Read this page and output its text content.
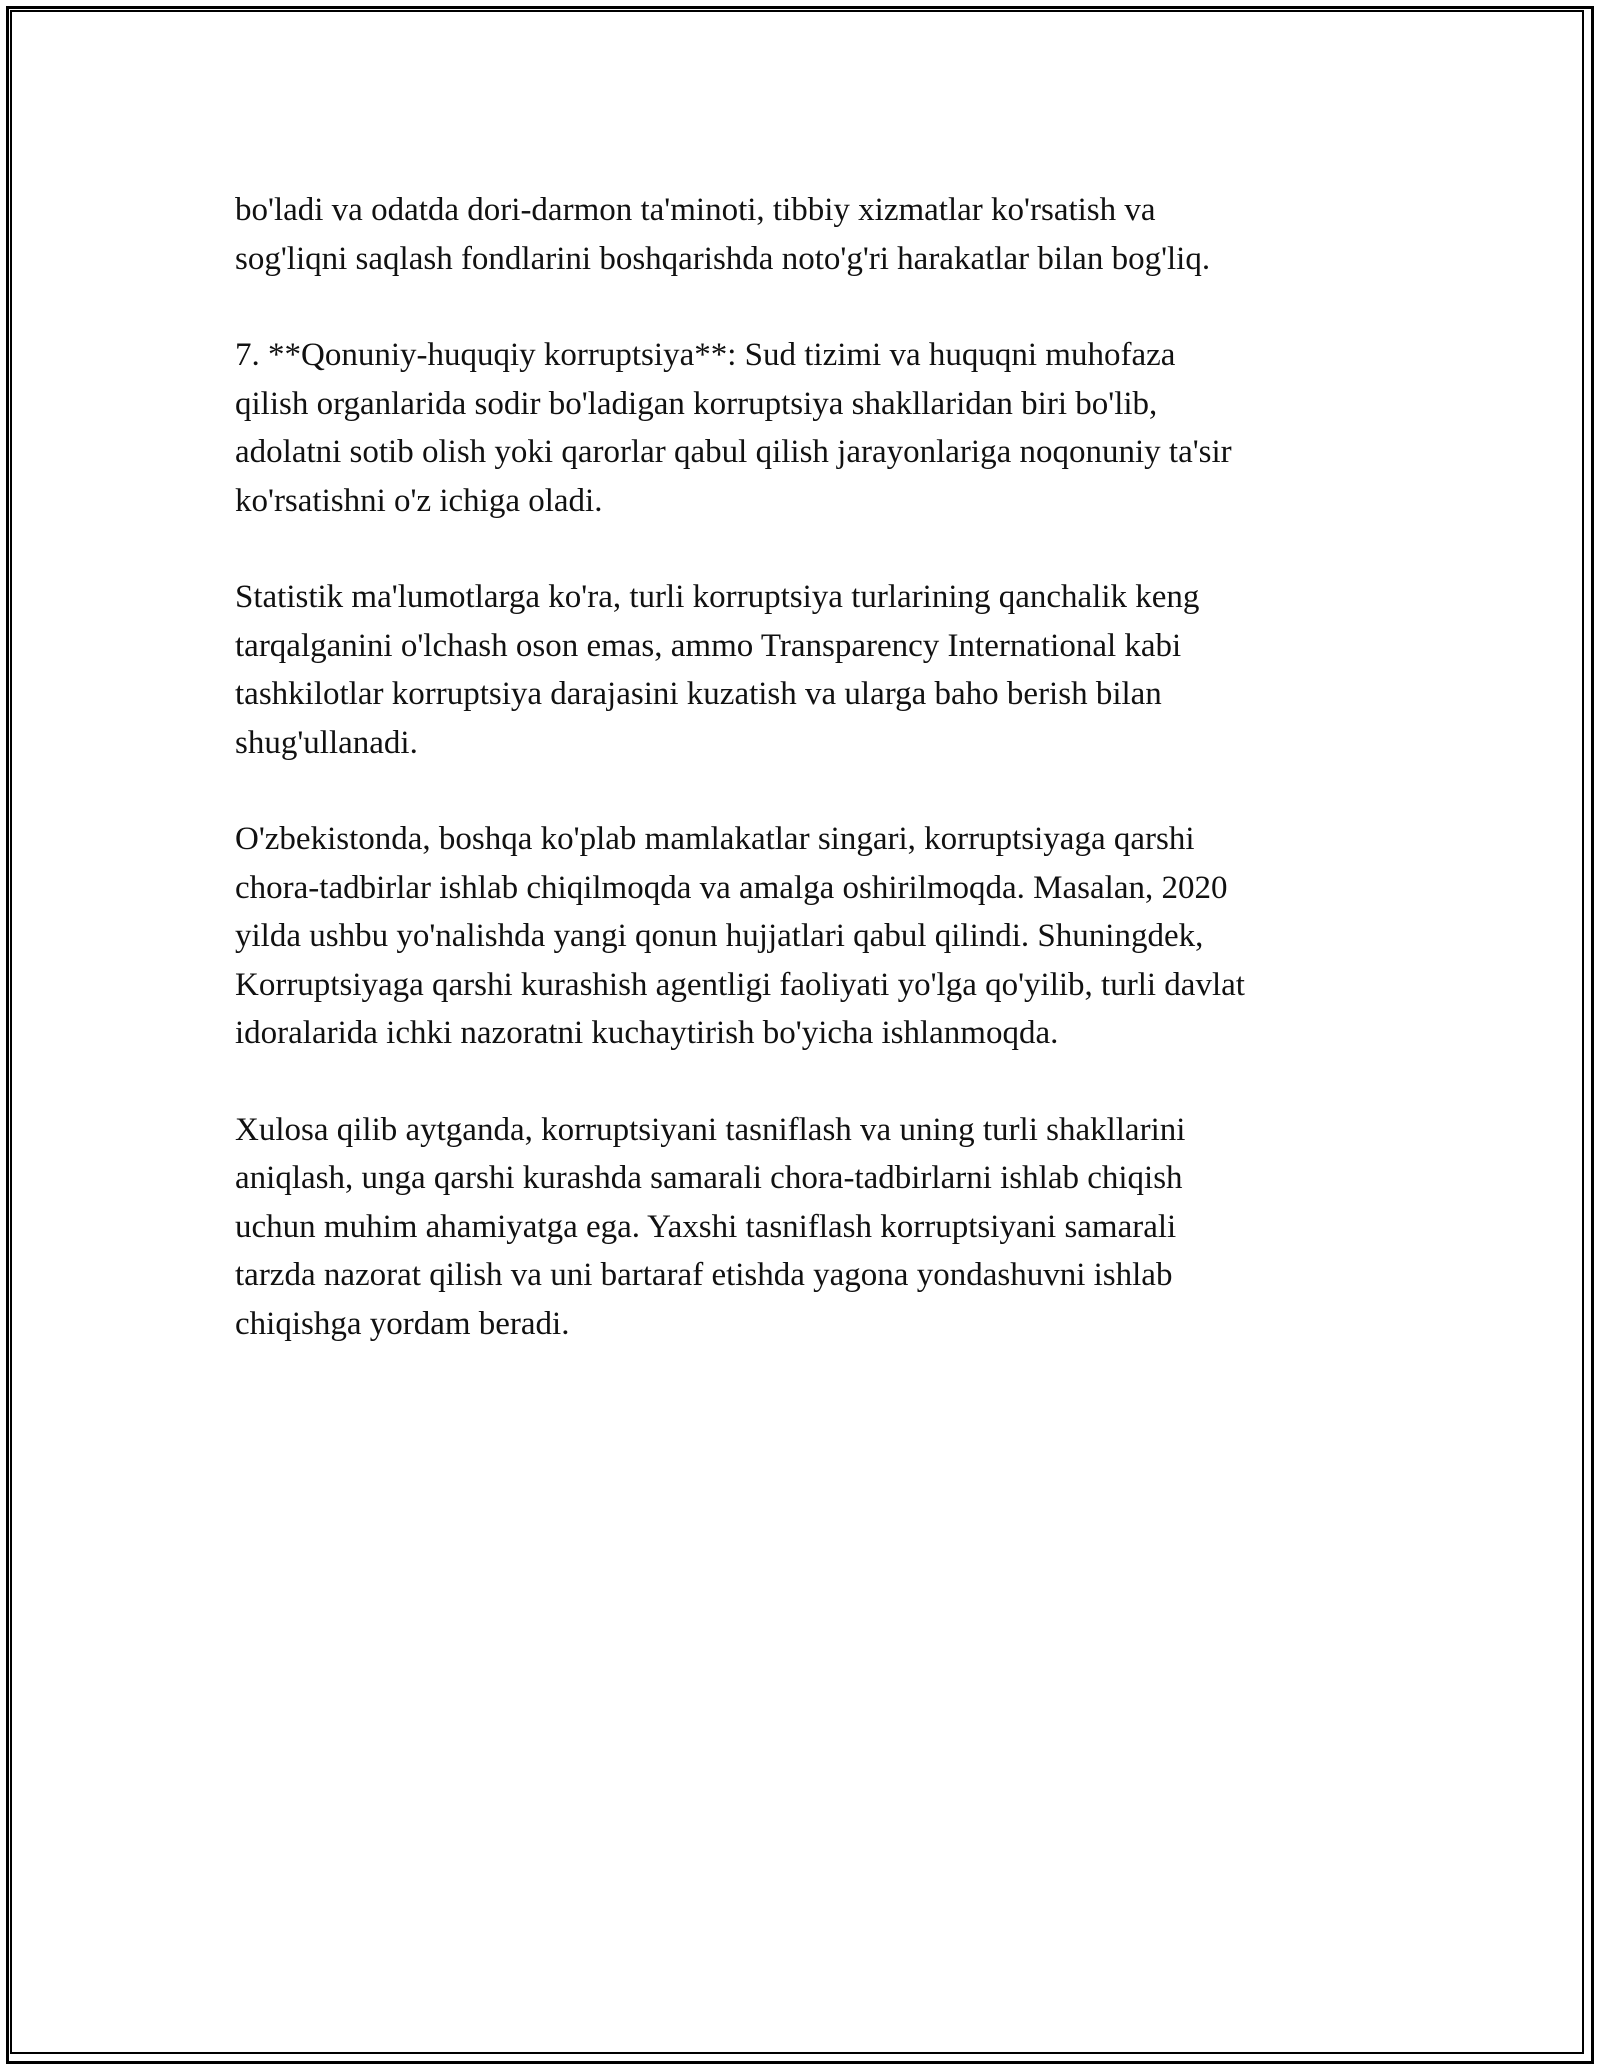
bo'ladi va odatda dori-darmon ta'minoti, tibbiy xizmatlar ko'rsatish va
sog'liqni saqlash fondlarini boshqarishda noto'g'ri harakatlar bilan bog'liq.

7. **Qonuniy-huquqiy korruptsiya**: Sud tizimi va huquqni muhofaza
qilish organlarida sodir bo'ladigan korruptsiya shakllaridan biri bo'lib,
adolatni sotib olish yoki qarorlar qabul qilish jarayonlariga noqonuniy ta'sir
ko'rsatishni o'z ichiga oladi.

Statistik ma'lumotlarga ko'ra, turli korruptsiya turlarining qanchalik keng
tarqalganini o'lchash oson emas, ammo Transparency International kabi
tashkilotlar korruptsiya darajasini kuzatish va ularga baho berish bilan
shug'ullanadi.

O'zbekistonda, boshqa ko'plab mamlakatlar singari, korruptsiyaga qarshi
chora-tadbirlar ishlab chiqilmoqda va amalga oshirilmoqda. Masalan, 2020
yilda ushbu yo'nalishda yangi qonun hujjatlari qabul qilindi. Shuningdek,
Korruptsiyaga qarshi kurashish agentligi faoliyati yo'lga qo'yilib, turli davlat
idoralarida ichki nazoratni kuchaytirish bo'yicha ishlanmoqda.

Xulosa qilib aytganda, korruptsiyani tasniflash va uning turli shakllarini
aniqlash, unga qarshi kurashda samarali chora-tadbirlarni ishlab chiqish
uchun muhim ahamiyatga ega. Yaxshi tasniflash korruptsiyani samarali
tarzda nazorat qilish va uni bartaraf etishda yagona yondashuvni ishlab
chiqishga yordam beradi.
